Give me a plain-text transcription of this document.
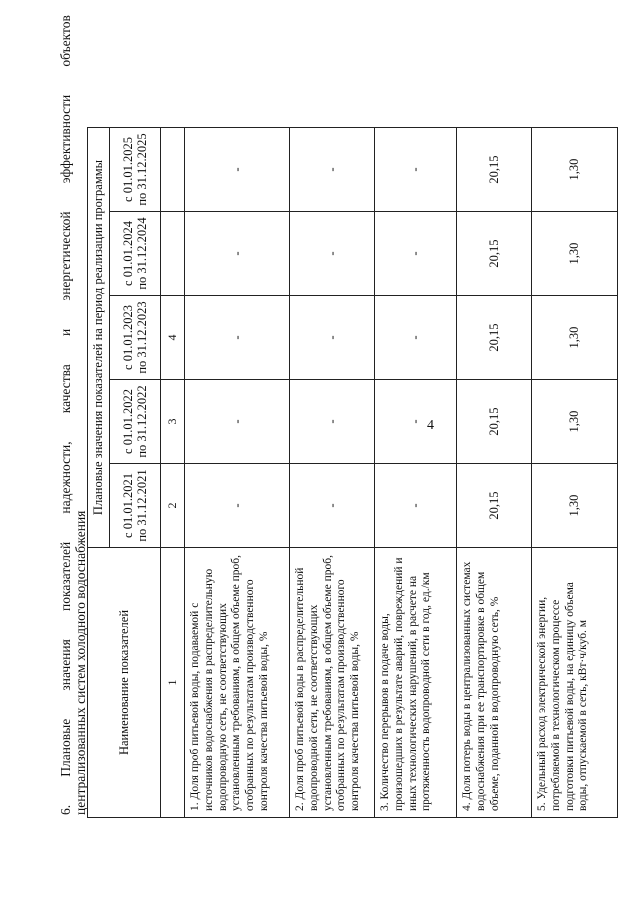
4
6.
Плановые
значения
показателей
надежности,
качества
и
энергетической
эффективности
объектов
централизованных систем холодного водоснабжения Наименование показателей	Плановые значения показателей на период реализации программы				

	с 01.01.2021 по 31.12.2021	с 01.01.2022 по 31.12.2022	с 01.01.2023 по 31.12.2023	с 01.01.2024 по 31.12.2024	с 01.01.2025 по 31.12.2025

1	2	3	4		
1. Доля проб питьевой воды, подаваемой с источников водоснабжения в распределительную водопроводную сеть, не соответствующих установленным требованиям, в общем объеме проб, отобранных по результатам производственного контроля качества питьевой воды, %	-	-	-	-	-
2. Доля проб питьевой воды в распределительной водопроводной сети, не соответствующих установленным требованиям, в общем объеме проб, отобранных по результатам производственного контроля качества питьевой воды, %	-	-	-	-	-
3. Количество перерывов в подаче воды, произошедших в результате аварий, повреждений и иных технологических нарушений, в расчете на протяженность водопроводной сети в год, ед./км	-	-	-	-	-
4. Доля потерь воды в централизованных системах водоснабжения при ее транспортировке в общем объеме, поданной в водопроводную сеть, %	20,15	20,15	20,15	20,15	20,15
5. Удельный расход электрической энергии, потребляемой в технологическом процессе подготовки питьевой воды, на единицу объема воды, отпускаемой в сеть, кВт·ч/куб. м	1,30	1,30	1,30	1,30	1,30
